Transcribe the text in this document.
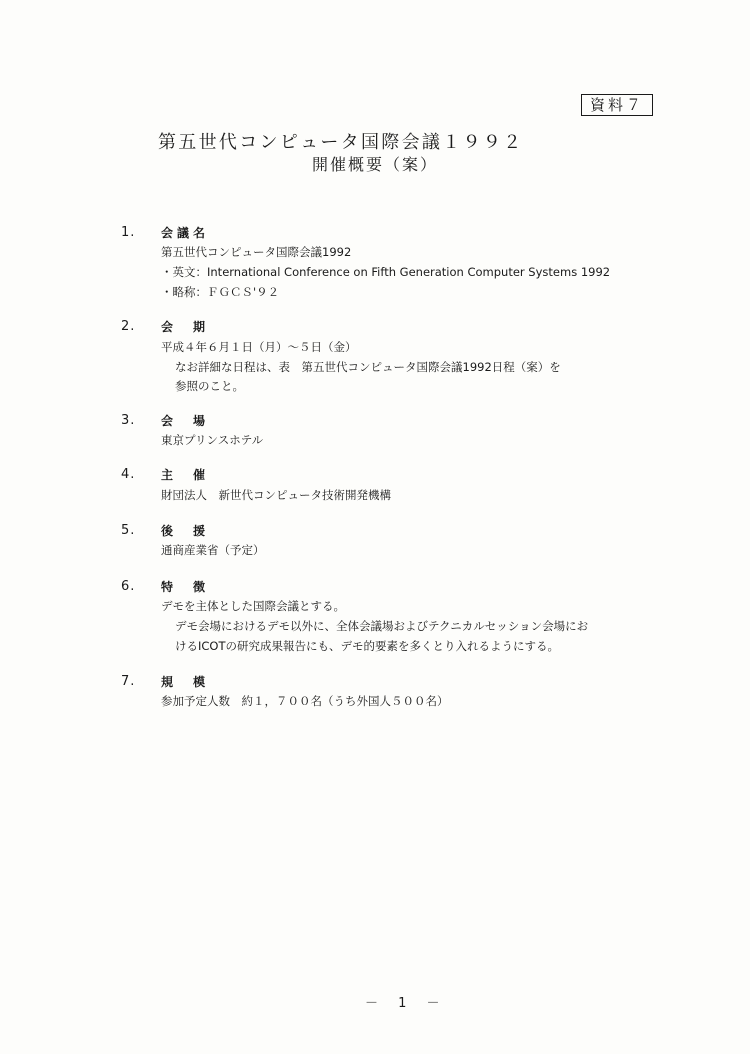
資料７
第五世代コンピュータ国際会議１９９２
開催概要（案）
1. 会議名
第五世代コンピュータ国際会議1992
・英文：International Conference on Fifth Generation Computer Systems 1992
・略称：ＦＧＣＳ'９２
2. 会　期
平成４年６月１日（月）～５日（金）
なお詳細な日程は、表　第五世代コンピュータ国際会議1992日程（案）を
参照のこと。
3. 会　場
東京プリンスホテル
4. 主　催
財団法人　新世代コンピュータ技術開発機構
5. 後　援
通商産業省（予定）
6. 特　徴
デモを主体とした国際会議とする。
デモ会場におけるデモ以外に、全体会議場およびテクニカルセッション会場にお
けるICOTの研究成果報告にも、デモ的要素を多くとり入れるようにする。
7. 規　模
参加予定人数　約１，７００名（うち外国人５００名）
－ 1 －
